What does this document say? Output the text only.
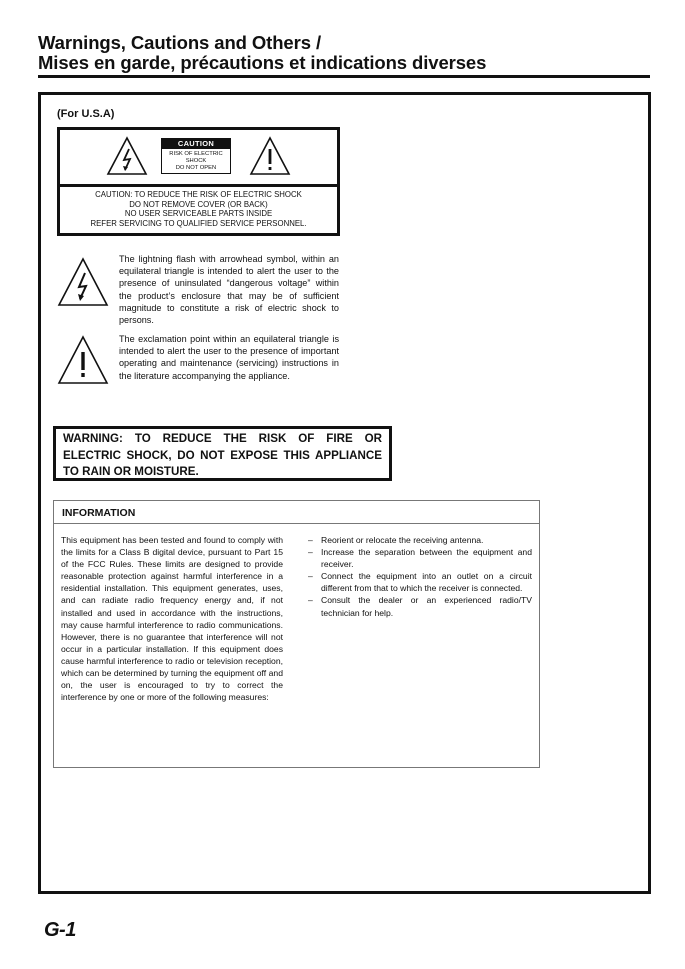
Warnings, Cautions and Others /
Mises en garde, précautions et indications diverses
(For U.S.A)
CAUTION
RISK OF ELECTRIC
SHOCK
DO NOT OPEN
CAUTION: TO REDUCE THE RISK OF ELECTRIC SHOCK
DO NOT REMOVE COVER (OR BACK)
NO USER SERVICEABLE PARTS INSIDE
REFER SERVICING TO QUALIFIED SERVICE PERSONNEL.
The lightning flash with arrowhead symbol, within an equilateral triangle is intended to alert the user to the presence of uninsulated “dangerous voltage” within the product’s enclosure that may be of sufficient magnitude to constitute a risk of electric shock to persons.
The exclamation point within an equilateral triangle is intended to alert the user to the presence of important operating and maintenance (servicing) instructions in the literature accompanying the appliance.
WARNING: TO REDUCE THE RISK OF FIRE OR ELECTRIC SHOCK, DO NOT EXPOSE THIS APPLIANCE TO RAIN OR MOISTURE.
INFORMATION
This equipment has been tested and found to comply with the limits for a Class B digital device, pursuant to Part 15 of the FCC Rules. These limits are designed to provide reasonable protection against harmful interference in a residential installation. This equipment generates, uses, and can radiate radio frequency energy and, if not installed and used in accordance with the instructions, may cause harmful interference to radio communications. However, there is no guarantee that interference will not occur in a particular installation. If this equipment does cause harmful interference to radio or television reception, which can be determined by turning the equipment off and on, the user is encouraged to try to correct the interference by one or more of the following measures:
– Reorient or relocate the receiving antenna.
– Increase the separation between the equipment and receiver.
– Connect the equipment into an outlet on a circuit different from that to which the receiver is connected.
– Consult the dealer or an experienced radio/TV technician for help.
G-1
